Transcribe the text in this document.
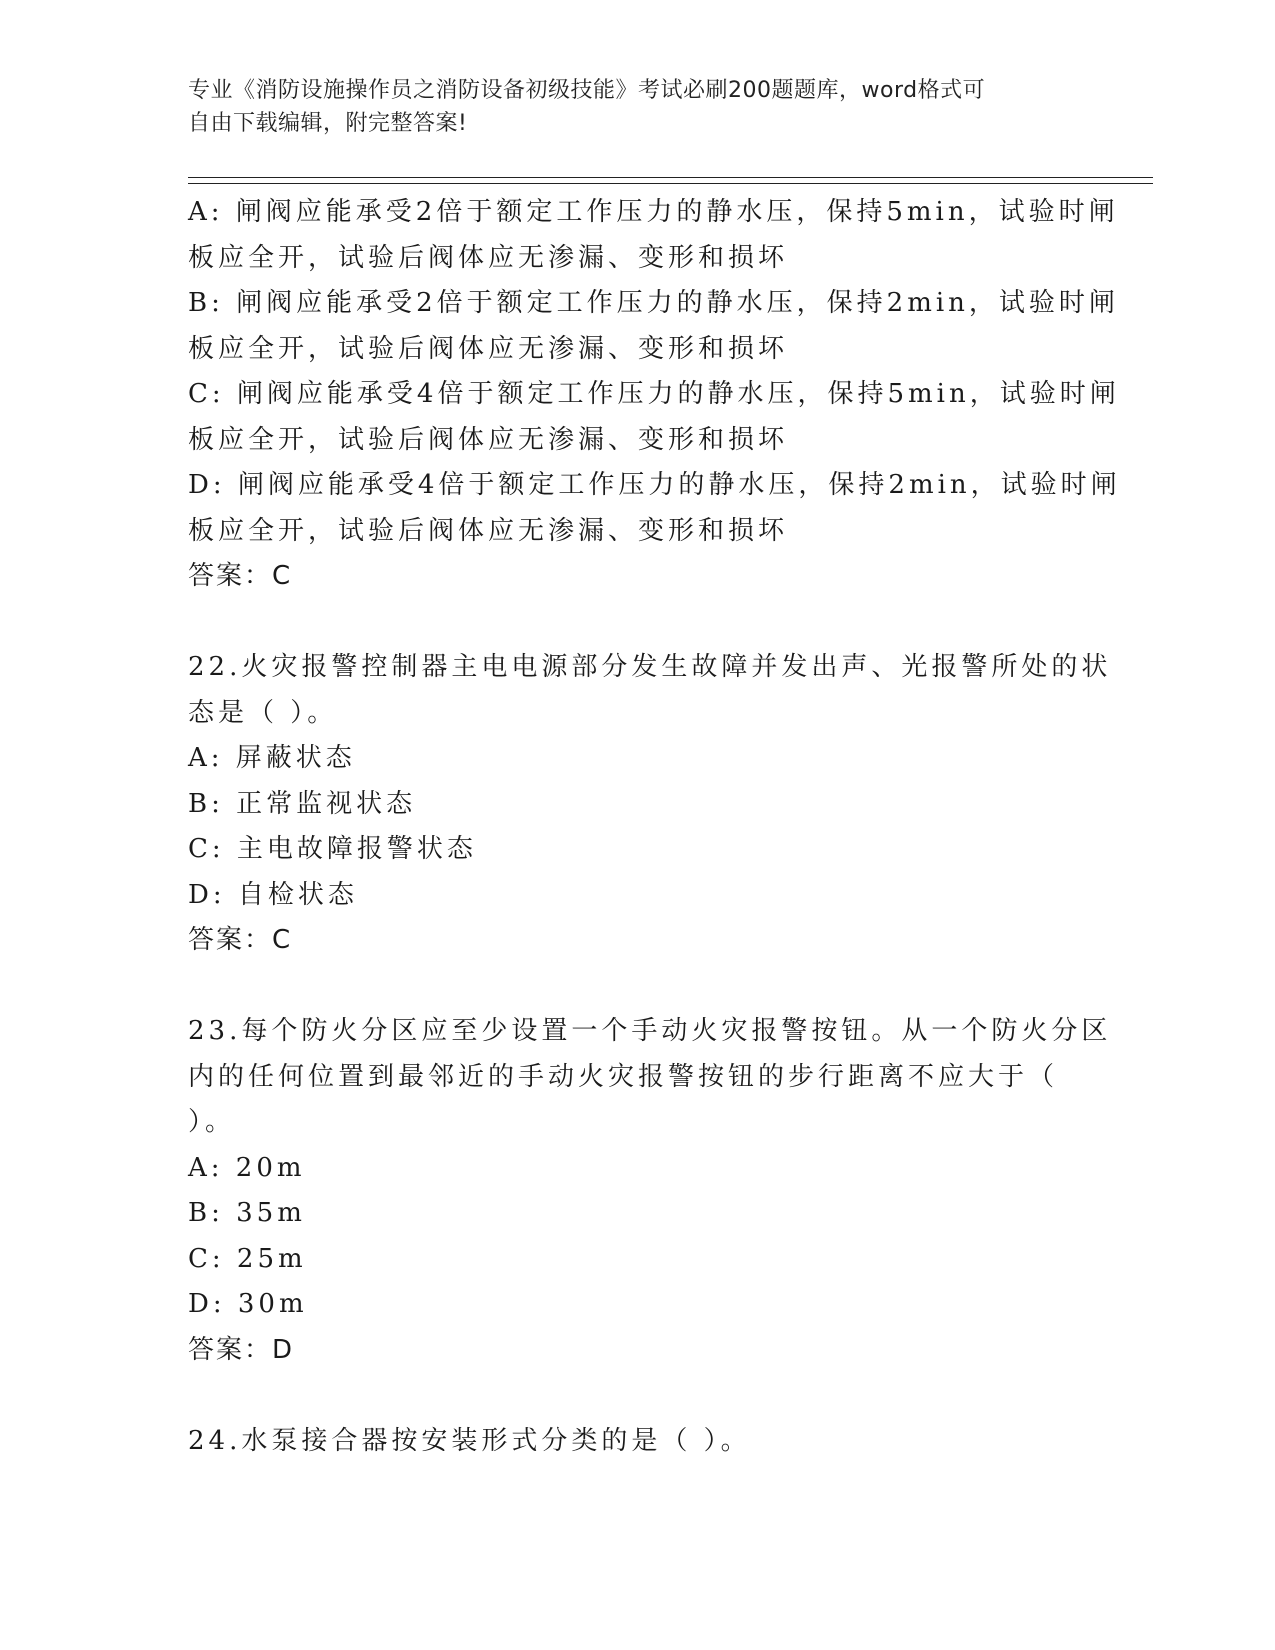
专业《消防设施操作员之消防设备初级技能》考试必刷200题题库，word格式可
自由下载编辑，附完整答案!
A: 闸阀应能承受2倍于额定工作压力的静水压，保持5min，试验时闸
板应全开，试验后阀体应无渗漏、变形和损坏
B: 闸阀应能承受2倍于额定工作压力的静水压，保持2min，试验时闸
板应全开，试验后阀体应无渗漏、变形和损坏
C: 闸阀应能承受4倍于额定工作压力的静水压，保持5min，试验时闸
板应全开，试验后阀体应无渗漏、变形和损坏
D: 闸阀应能承受4倍于额定工作压力的静水压，保持2min，试验时闸
板应全开，试验后阀体应无渗漏、变形和损坏
答案：C
22.火灾报警控制器主电电源部分发生故障并发出声、光报警所处的状
态是（ ）。
A: 屏蔽状态
B: 正常监视状态
C: 主电故障报警状态
D: 自检状态
答案：C
23.每个防火分区应至少设置一个手动火灾报警按钮。从一个防火分区
内的任何位置到最邻近的手动火灾报警按钮的步行距离不应大于（
）。
A: 20m
B: 35m
C: 25m
D: 30m
答案：D
24.水泵接合器按安装形式分类的是（ ）。
